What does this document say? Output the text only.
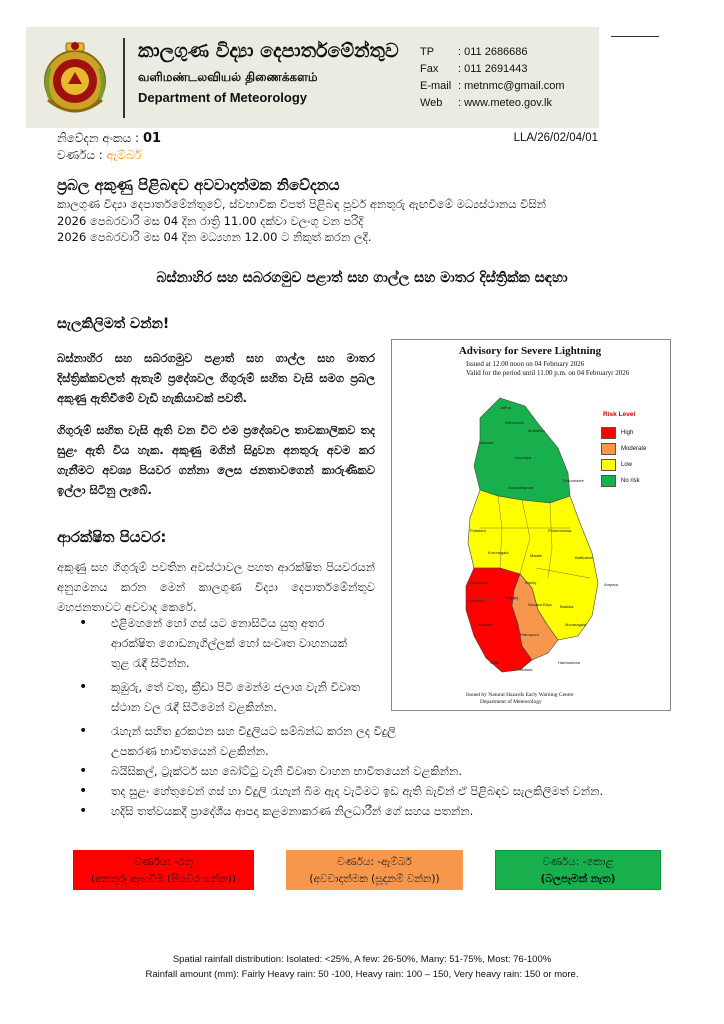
කාලගුණ විද්‍යා දෙපාර්තමේන්තුව
வளிமண்டலவியல் திணைக்களம்
Department of Meteorology
TP	: 011 2686686
Fax	: 011 2691443
E-mail : metnmc@gmail.com
Web	: www.meteo.gov.lk
නිවේදන අංකය : 01
වර්ණය : ඇම්බර්
LLA/26/02/04/01
ප්‍රබල අකුණු පිළිබඳව අවවාදාත්මක නිවේදනය
කාලගුණ විද්‍යා දෙපාර්තමේන්තුවේ, ස්වභාවික විපත් පිළිබඳ පූර්ව අනතුරු ඇඟවීමේ මධ්‍යස්ථානය විසින්
2026 පෙබරවාරි මස 04 දින රාත්‍රි 11.00 දක්වා වලංගු වන පරිදි
2026 පෙබරවාරි මස 04 දින මධ්‍යහන 12.00 ට නිකුත් කරන ලදී.
බස්නාහිර සහ සබරගමුව පළාත් සහ ගාල්ල සහ මාතර දිස්ත්‍රික්ක සඳහා
සැලකිලිමත් වන්න!
බස්නාහිර සහ සබරගමුව පළාත් සහ ගාල්ල සහ මාතර දිස්ත්‍රික්කවලත් ඇතැම් ප්‍රදේශවල ගිගුරුම් සහිත වැසි සමග ප්‍රබල අකුණු ඇතිවීමේ වැඩි හැකියාවක් පවතී.
ගිගුරුම් සහිත වැසි ඇති වන විට එම ප්‍රදේශවල තාවකාලිකව තද සුළං ඇති විය හැක. අකුණු මගින් සිදුවන අනතුරු අවම කර ගැනීමට අවශ්‍ය පියවර ගන්නා ලෙස ජනතාවගෙන් කාරුණිකව ඉල්ලා සිටිනු ලැබේ.
Advisory for Severe Lightning
Issued at 12.00 noon on 04 February 2026
Valid for the period until 11.00 p.m. on 04 Februaryr 2026
Risk Level
High
Moderate
Low
No risk
Issued by Natural Hazards Early Warning Centre
Department of Meteorology
Jaffna
Kilinochchi
Mullaitivu
Mannar
Vavuniya
Trincomalee
Anuradhapura
Puttalam	Polonnaruwa
Kurunegala
Matale	Batticaloa
Gampaha	Kandy	Ampara
Colombo
Kegalle
Nuwara Eliya Badulla
Kalutara
Ratnapura
Monaragala
Galle
Matara
Hambantota
ආරක්ෂිත පියවර:
අකුණු සහ ගිගුරුම් පවතින අවස්ථාවල පහත ආරක්ෂිත පියවරයන් අනුගමනය කරන මෙන් කාලගුණ විද්‍යා දෙපාර්තමේන්තුව මහජනතාවට අවවාද කෙරේ.
• එළිමහනේ හෝ ගස් යට නොසිටිය යුතු අතර ආරක්ෂිත ගොඩනැගිල්ලක් හෝ සංවෘත වාහනයක් තුළ රැඳී සිටින්න.
• කුඹුරු, තේ වතු, ක්‍රීඩා පිටි මෙන්ම ජලාශ වැනි විවෘත ස්ථාන වල රැඳී සිටීමෙන් වළකින්න.
• රැහැන් සහිත දුරකථන සහ විදුලියට සම්බන්ධ කරන ලද විදුලි උපකරණ භාවිතයෙන් වළකින්න.
• බයිසිකල්, ට්‍රැක්ටර් සහ බෝට්ටු වැනි විවෘත වාහන භාවිතයෙන් වළකින්න.
• තද සුළං හේතුවෙන් ගස් හා විදුලි රැහැන් බිම ඇද වැටීමට ඉඩ ඇති බැවින් ඒ පිළිබඳව සැලකිලිමත් වන්න.
• හදිසි තත්වයකදී ප්‍රාදේශීය ආපදා කළමනාකරණ නිලධාරීන් ගේ සහය පතන්න.
වර්ණය: -රතු
(අනතුරු ඇඟවීම (පියවර ගන්න))
වර්ණය: -ඇම්බර්
(අවවාදාත්මක (සූදානම් වන්න))
වර්ණය: -කොළ
(බලපෑමක් නැත)
Spatial rainfall distribution: Isolated: <25%, A few: 26-50%, Many: 51-75%, Most: 76-100%
Rainfall amount (mm): Fairly Heavy rain: 50 -100, Heavy rain: 100 – 150, Very heavy rain: 150 or more.
